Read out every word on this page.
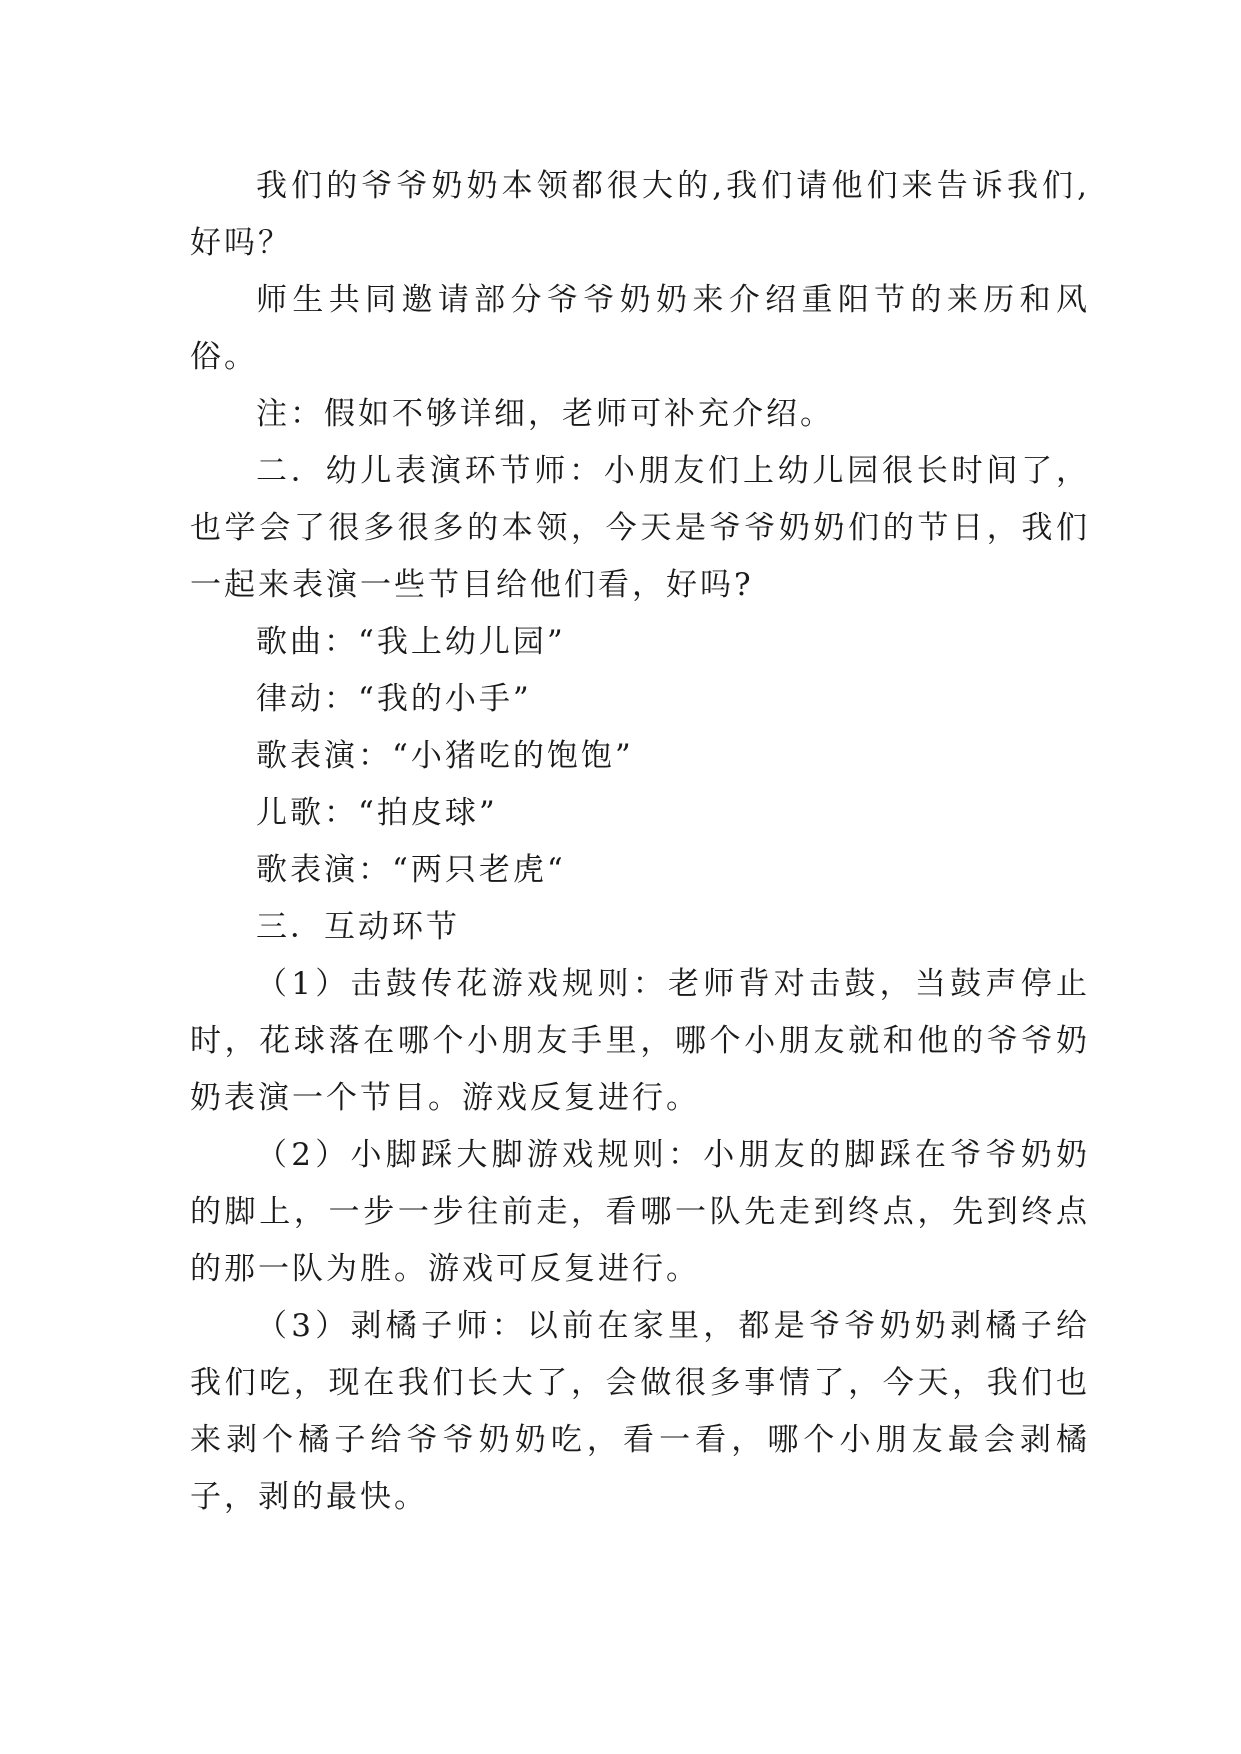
我们的爷爷奶奶本领都很大的,我们请他们来告诉我们,好吗？

师生共同邀请部分爷爷奶奶来介绍重阳节的来历和风俗。

注：假如不够详细，老师可补充介绍。

二．幼儿表演环节师：小朋友们上幼儿园很长时间了，也学会了很多很多的本领，今天是爷爷奶奶们的节日，我们一起来表演一些节目给他们看，好吗?

歌曲：“我上幼儿园”

律动：“我的小手”

歌表演：“小猪吃的饱饱”

儿歌：“拍皮球”

歌表演：“两只老虎“

三．互动环节

（1）击鼓传花游戏规则：老师背对击鼓，当鼓声停止时，花球落在哪个小朋友手里，哪个小朋友就和他的爷爷奶奶表演一个节目。游戏反复进行。

（2）小脚踩大脚游戏规则：小朋友的脚踩在爷爷奶奶的脚上，一步一步往前走，看哪一队先走到终点，先到终点的那一队为胜。游戏可反复进行。

（3）剥橘子师：以前在家里，都是爷爷奶奶剥橘子给我们吃，现在我们长大了，会做很多事情了，今天，我们也来剥个橘子给爷爷奶奶吃，看一看，哪个小朋友最会剥橘子，剥的最快。
